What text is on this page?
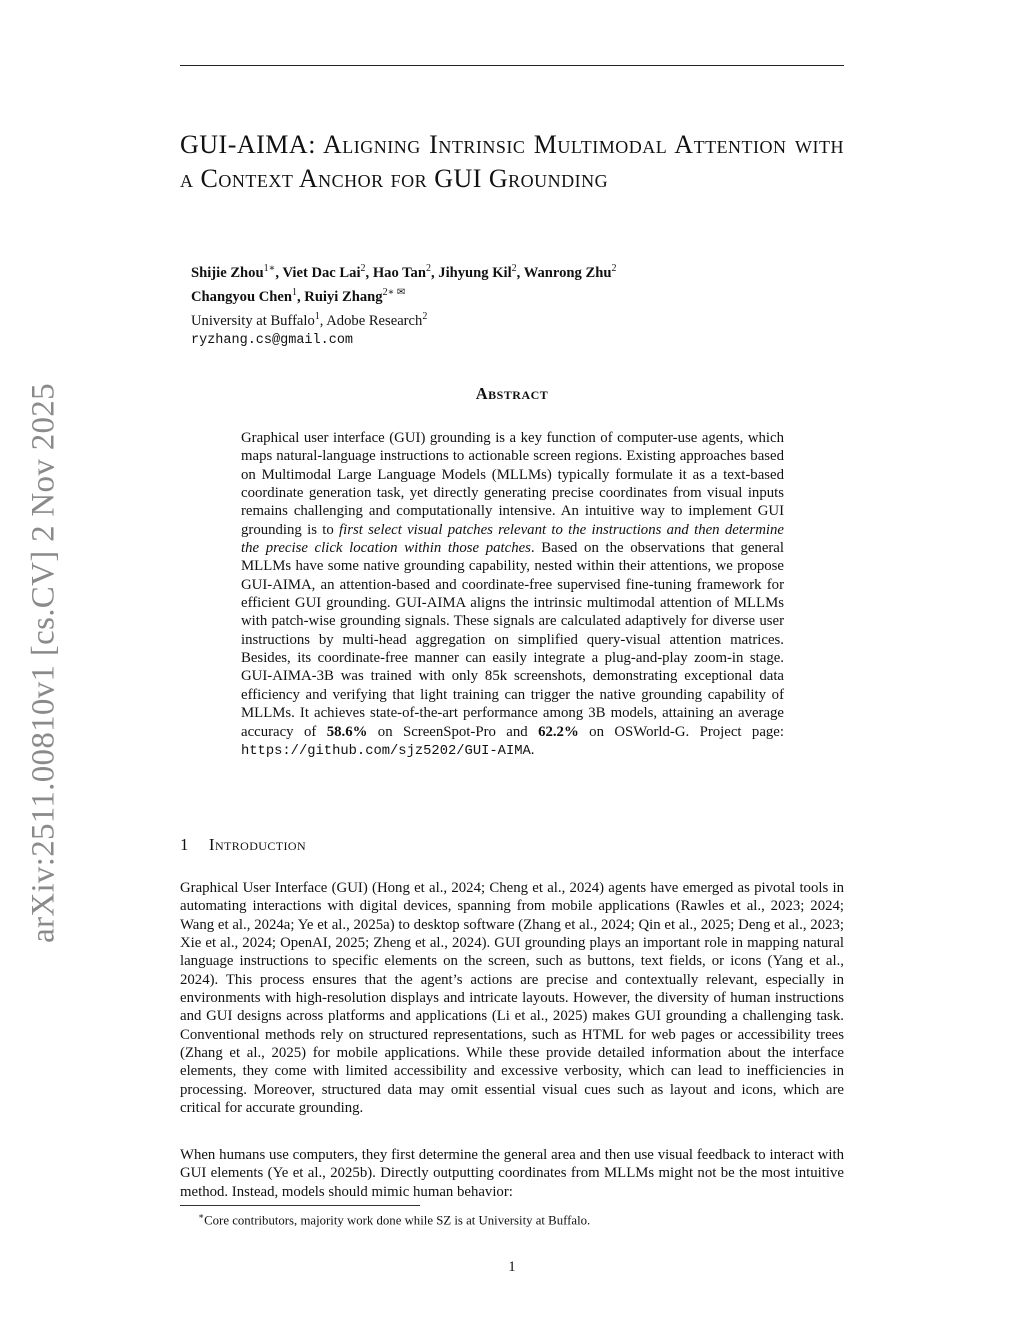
arXiv:2511.00810v1 [cs.CV] 2 Nov 2025
GUI-AIMA: Aligning Intrinsic Multimodal Attention with a Context Anchor for GUI Grounding
Shijie Zhou$^{1∗}$, Viet Dac Lai$^2$, Hao Tan$^2$, Jihyung Kil$^2$, Wanrong Zhu$^2$
Changyou Chen$^1$, Ruiyi Zhang$^{2∗ ✉}$
University at Buffalo$^1$, Adobe Research$^2$
ryzhang.cs@gmail.com
Abstract

Graphical user interface (GUI) grounding is a key function of computer-use agents, which maps natural-language instructions to actionable screen regions. Existing approaches based on Multimodal Large Language Models (MLLMs) typically formulate it as a text-based coordinate generation task, yet directly generating precise coordinates from visual inputs remains challenging and computationally intensive. An intuitive way to implement GUI grounding is to first select visual patches relevant to the instructions and then determine the precise click location within those patches. Based on the observations that general MLLMs have some native grounding capability, nested within their attentions, we propose GUI-AIMA, an attention-based and coordinate-free supervised fine-tuning framework for efficient GUI grounding. GUI-AIMA aligns the intrinsic multimodal attention of MLLMs with patch-wise grounding signals. These signals are calculated adaptively for diverse user instructions by multi-head aggregation on simplified query-visual attention matrices. Besides, its coordinate-free manner can easily integrate a plug-and-play zoom-in stage. GUI-AIMA-3B was trained with only 85k screenshots, demonstrating exceptional data efficiency and verifying that light training can trigger the native grounding capability of MLLMs. It achieves state-of-the-art performance among 3B models, attaining an average accuracy of 58.6% on ScreenSpot-Pro and 62.2% on OSWorld-G. Project page: https://github.com/sjz5202/GUI-AIMA.

1 Introduction

Graphical User Interface (GUI) (Hong et al., 2024; Cheng et al., 2024) agents have emerged as pivotal tools in automating interactions with digital devices, spanning from mobile applications (Rawles et al., 2023; 2024; Wang et al., 2024a; Ye et al., 2025a) to desktop software (Zhang et al., 2024; Qin et al., 2025; Deng et al., 2023; Xie et al., 2024; OpenAI, 2025; Zheng et al., 2024). GUI grounding plays an important role in mapping natural language instructions to specific elements on the screen, such as buttons, text fields, or icons (Yang et al., 2024). This process ensures that the agent’s actions are precise and contextually relevant, especially in environments with high-resolution displays and intricate layouts. However, the diversity of human instructions and GUI designs across platforms and applications (Li et al., 2025) makes GUI grounding a challenging task. Conventional methods rely on structured representations, such as HTML for web pages or accessibility trees (Zhang et al., 2025) for mobile applications. While these provide detailed information about the interface elements, they come with limited accessibility and excessive verbosity, which can lead to inefficiencies in processing. Moreover, structured data may omit essential visual cues such as layout and icons, which are critical for accurate grounding.

When humans use computers, they first determine the general area and then use visual feedback to interact with GUI elements (Ye et al., 2025b). Directly outputting coordinates from MLLMs might not be the most intuitive method. Instead, models should mimic human behavior:

∗Core contributors, majority work done while SZ is at University at Buffalo.
1
